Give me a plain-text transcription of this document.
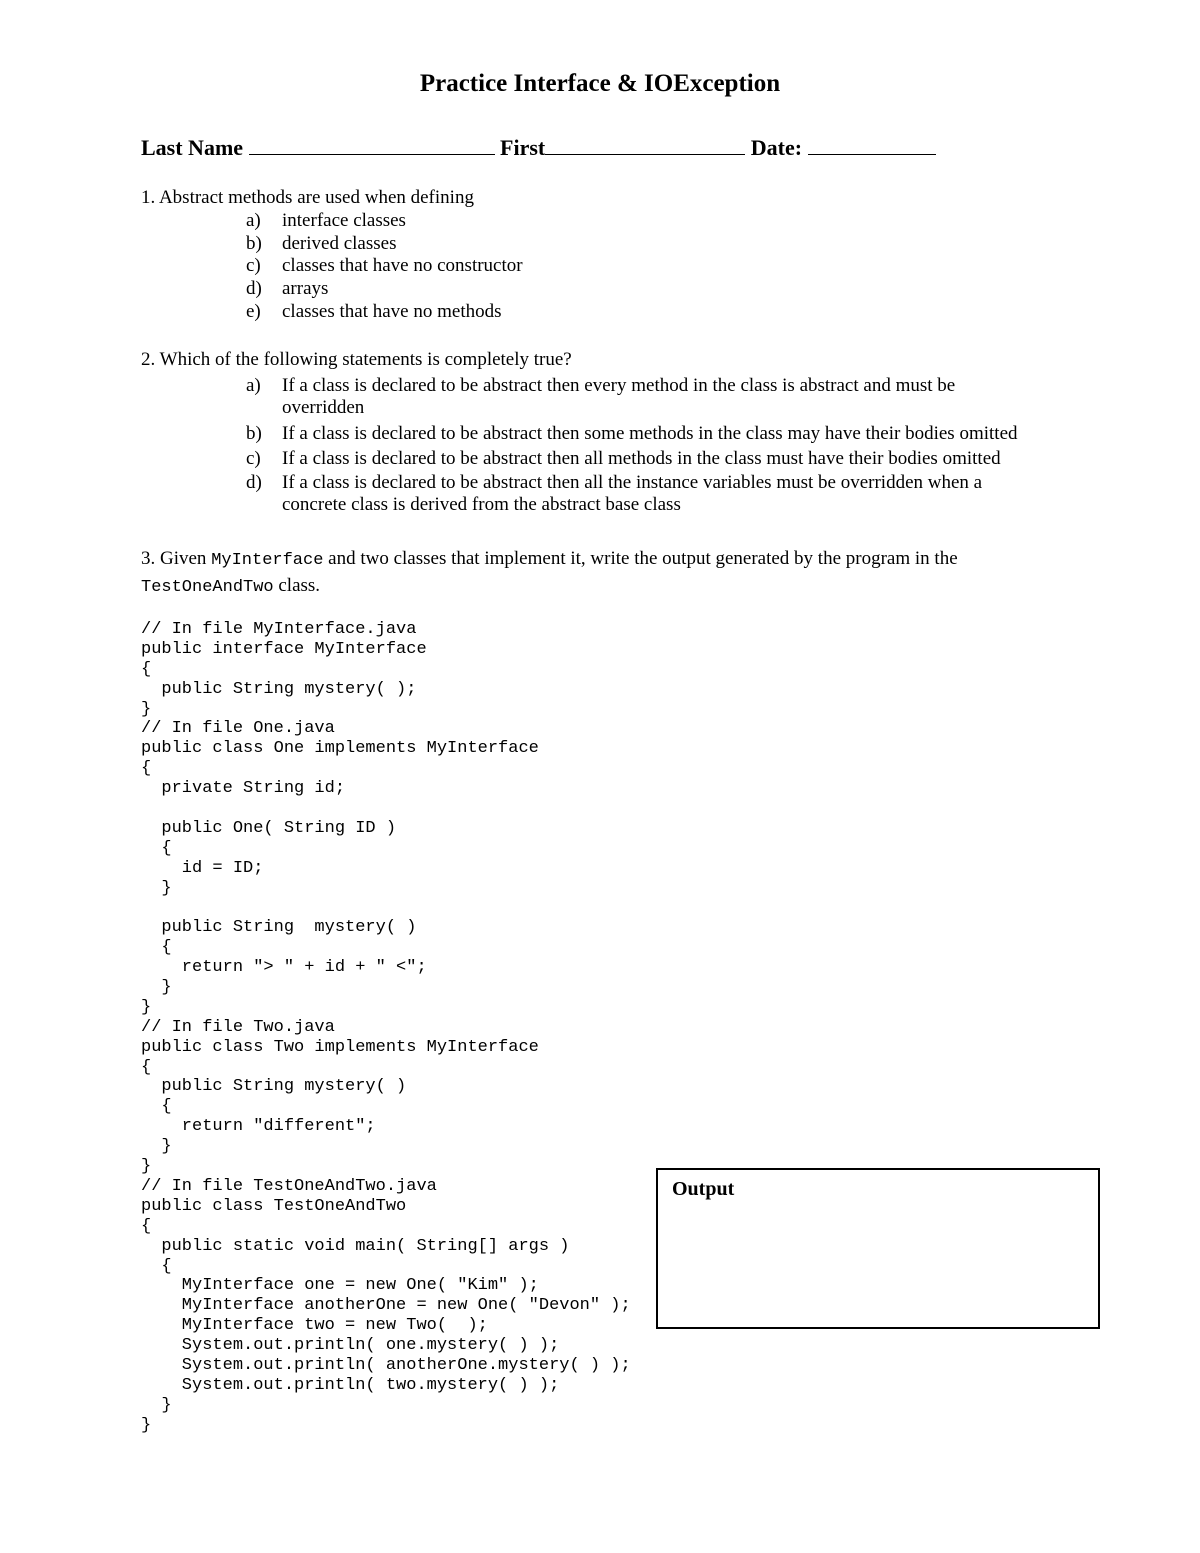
Practice Interface & IOException
Last Name	First	Date:
1. Abstract methods are used when defining
a) interface classes
b) derived classes
c) classes that have no constructor
d) arrays
e) classes that have no methods
2. Which of the following statements is completely true?
a) If a class is declared to be abstract then every method in the class is abstract and must be
overridden
b) If a class is declared to be abstract then some methods in the class may have their bodies omitted
c) If a class is declared to be abstract then all methods in the class must have their bodies omitted
d) If a class is declared to be abstract then all the instance variables must be overridden when a
concrete class is derived from the abstract base class
3. Given MyInterface and two classes that implement it, write the output generated by the program in the TestOneAndTwo class.
// In file MyInterface.java
public interface MyInterface
{
public String mystery( );
}
// In file One.java
public class One implements MyInterface
{
private String id;
public One( String ID )
{
id = ID;
}
public String  mystery( )
{
return "> " + id + " <";
}
}
// In file Two.java
public class Two implements MyInterface
{
public String mystery( )
{
return "different";
}
}
// In file TestOneAndTwo.java
public class TestOneAndTwo
{
public static void main( String[] args )
{
MyInterface one = new One( "Kim" );
MyInterface anotherOne = new One( "Devon" );
MyInterface two = new Two(  );
System.out.println( one.mystery( ) );
System.out.println( anotherOne.mystery( ) );
System.out.println( two.mystery( ) );
}
}
Output
